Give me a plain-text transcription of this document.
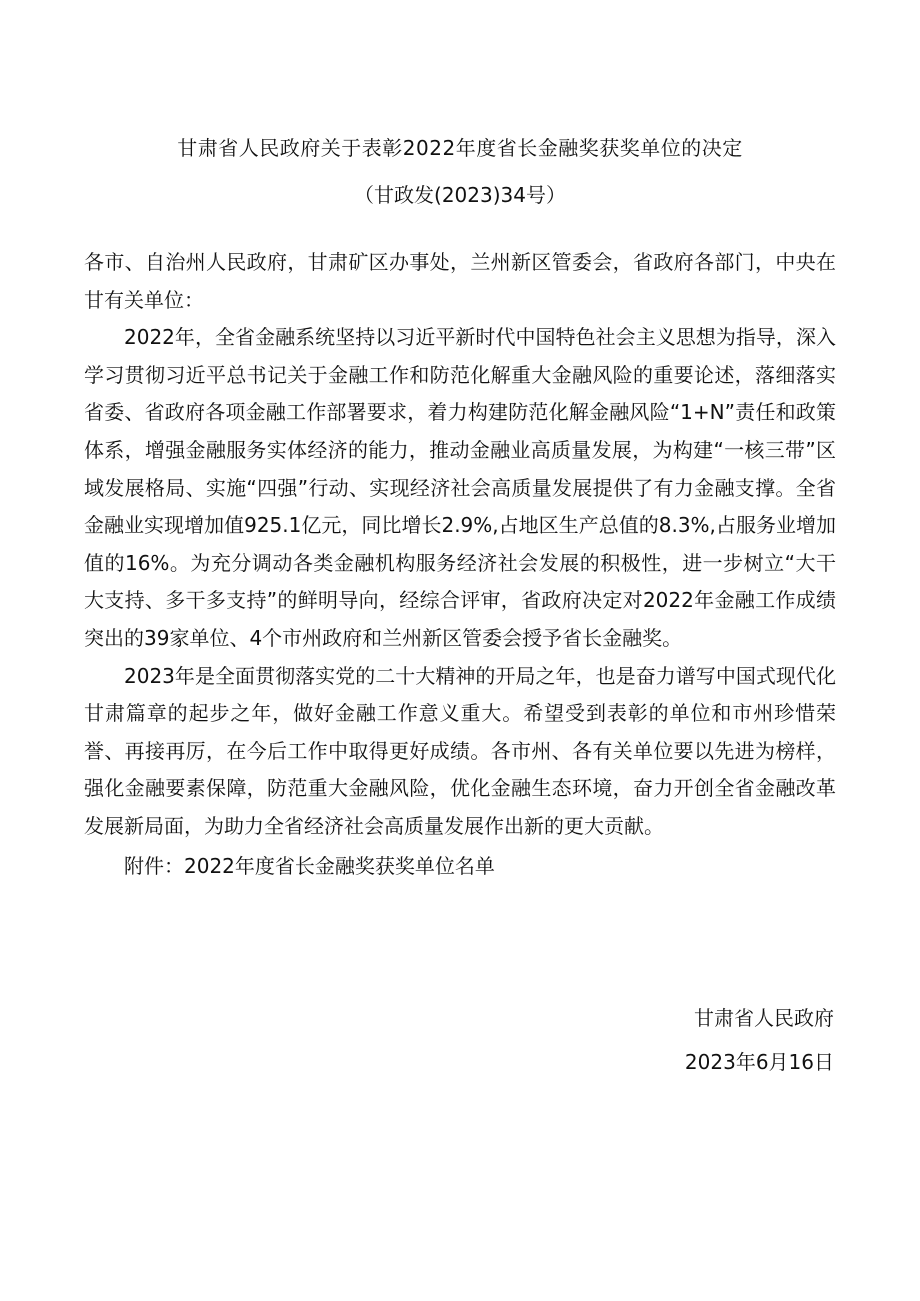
甘肃省人民政府关于表彰2022年度省长金融奖获奖单位的决定
（甘政发(2023)34号）

各市、自治州人民政府，甘肃矿区办事处，兰州新区管委会，省政府各部门，中央在甘有关单位：

2022年，全省金融系统坚持以习近平新时代中国特色社会主义思想为指导，深入学习贯彻习近平总书记关于金融工作和防范化解重大金融风险的重要论述，落细落实省委、省政府各项金融工作部署要求，着力构建防范化解金融风险“1+N”责任和政策体系，增强金融服务实体经济的能力，推动金融业高质量发展，为构建“一核三带”区域发展格局、实施“四强”行动、实现经济社会高质量发展提供了有力金融支撑。全省金融业实现增加值925.1亿元，同比增长2.9%,占地区生产总值的8.3%,占服务业增加值的16%。为充分调动各类金融机构服务经济社会发展的积极性，进一步树立“大干大支持、多干多支持”的鲜明导向，经综合评审，省政府决定对2022年金融工作成绩突出的39家单位、4个市州政府和兰州新区管委会授予省长金融奖。

2023年是全面贯彻落实党的二十大精神的开局之年，也是奋力谱写中国式现代化甘肃篇章的起步之年，做好金融工作意义重大。希望受到表彰的单位和市州珍惜荣誉、再接再厉，在今后工作中取得更好成绩。各市州、各有关单位要以先进为榜样，强化金融要素保障，防范重大金融风险，优化金融生态环境，奋力开创全省金融改革发展新局面，为助力全省经济社会高质量发展作出新的更大贡献。

附件：2022年度省长金融奖获奖单位名单

甘肃省人民政府
2023年6月16日
